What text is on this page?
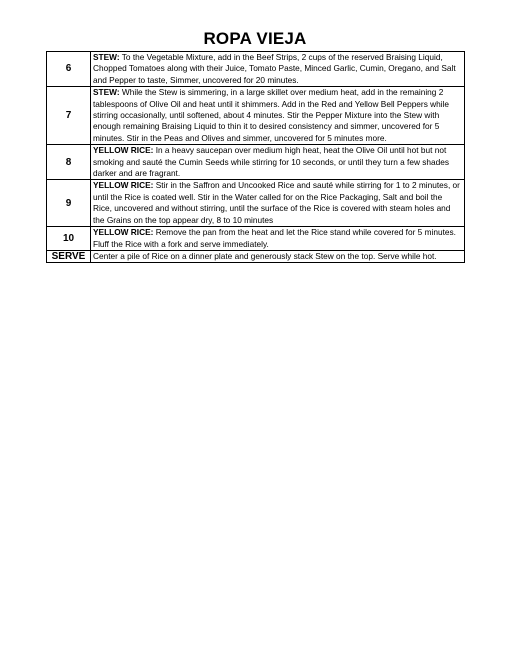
ROPA VIEJA
6	STEW: To the Vegetable Mixture, add in the Beef Strips, 2 cups of the reserved Braising Liquid, Chopped Tomatoes along with their Juice, Tomato Paste, Minced Garlic, Cumin, Oregano, and Salt and Pepper to taste, Simmer, uncovered for 20 minutes.
7	STEW: While the Stew is simmering, in a large skillet over medium heat, add in the remaining 2 tablespoons of Olive Oil and heat until it shimmers. Add in the Red and Yellow Bell Peppers while stirring occasionally, until softened, about 4 minutes. Stir the Pepper Mixture into the Stew with enough remaining Braising Liquid to thin it to desired consistency and simmer, uncovered for 5 minutes. Stir in the Peas and Olives and simmer, uncovered for 5 minutes more.
8	YELLOW RICE: In a heavy saucepan over medium high heat, heat the Olive Oil until hot but not smoking and sauté the Cumin Seeds while stirring for 10 seconds, or until they turn a few shades darker and are fragrant.
9	YELLOW RICE: Stir in the Saffron and Uncooked Rice and sauté while stirring for 1 to 2 minutes, or until the Rice is coated well. Stir in the Water called for on the Rice Packaging, Salt and boil the Rice, uncovered and without stirring, until the surface of the Rice is covered with steam holes and the Grains on the top appear dry, 8 to 10 minutes
10	YELLOW RICE: Remove the pan from the heat and let the Rice stand while covered for 5 minutes. Fluff the Rice with a fork and serve immediately.
SERVE	Center a pile of Rice on a dinner plate and generously stack Stew on the top. Serve while hot.
